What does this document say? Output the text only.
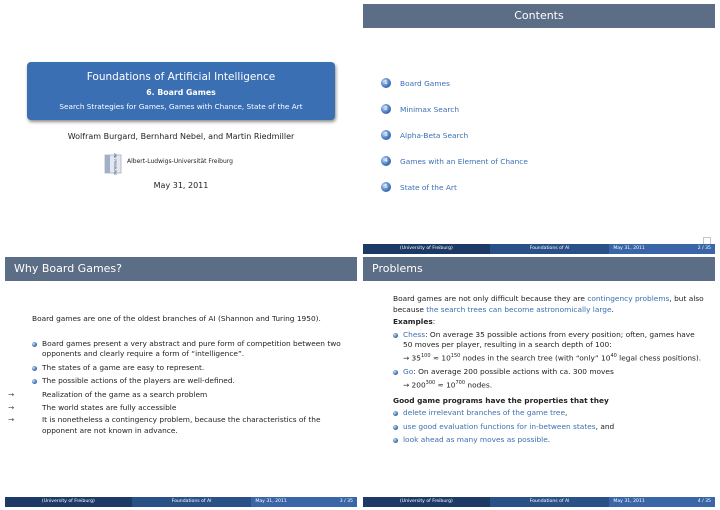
Foundations of Artificial Intelligence
6. Board Games
Search Strategies for Games, Games with Chance, State of the Art
Wolfram Burgard, Bernhard Nebel, and Martin Riedmiller
UNI FREIBURG Albert-Ludwigs-Universität Freiburg
May 31, 2011
Contents
1	Board Games
2	Minimax Search
3	Alpha-Beta Search
4	Games with an Element of Chance
5	State of the Art
(University of Freiburg)	Foundations of AI	May 31, 2011	2 / 35
Why Board Games?

Board games are one of the oldest branches of AI (Shannon and Turing 1950).

Board games present a very abstract and pure form of competition between two opponents and clearly require a form of “intelligence”.
The states of a game are easy to represent.
The possible actions of the players are well-defined.
→ Realization of the game as a search problem
→ The world states are fully accessible
→ It is nonetheless a contingency problem, because the characteristics of the opponent are not known in advance.
(University of Freiburg)	Foundations of AI	May 31, 2011	3 / 35
Problems

Board games are not only difficult because they are contingency problems, but also because the search trees can become astronomically large.

Examples:

Chess: On average 35 possible actions from every position; often, games have 50 moves per player, resulting in a search depth of 100:
→ $35^{100} \approx 10^{150}$ nodes in the search tree (with “only” $10^{40}$ legal chess positions).
Go: On average 200 possible actions with ca. 300 moves
→ $200^{300} \approx 10^{700}$ nodes.

Good game programs have the properties that they

delete irrelevant branches of the game tree,
use good evaluation functions for in-between states, and
look ahead as many moves as possible.
(University of Freiburg)	Foundations of AI	May 31, 2011	4 / 35
